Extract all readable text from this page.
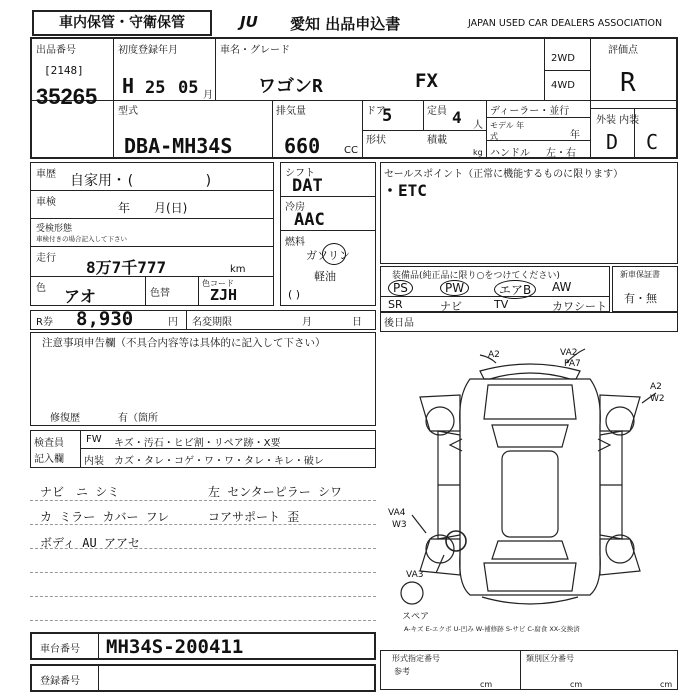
車内保管・守衛保管	JU 愛知 出品申込書	JAPAN USED CAR DEALERS ASSOCIATION
出品番号
[2148]
35265
初度登録年月
H 25 05 月
車名・グレード
ワゴンR	FX
2WD
4WD
評価点
R
型式
DBA-MH34S
排気量
660 CC
ドア
5	定員 4 人
形状	積載
kg
ディーラー・並行
モデル 年式	年
ハンドル 左・右
外装 内装
D C
車歴 自家用・(　　　　　)
車検	年　　月(日)
受検形態
車検付きの場合記入して下さい
走行 8万7千777	km
色 アオ	色替
色コード
ZJH
シフト
DAT
冷房
AAC
燃料
ガソリン
軽油
( )
セールスポイント（正常に機能するものに限ります）
・ETC
装備品(純正品に限り○をつけてください)
PS	PW	エアB	AW
SR	ナビ	TV	カワシート
新車保証書
有・無
R券 8,930	円 名変期限	月	日 後日品
注意事項申告欄（不具合内容等は具体的に記入して下さい）
修復歴	有（箇所
検査員
記入欄
FW キズ・汚石・ヒビ割・リペア跡・X要
内装 カズ・タレ・コゲ・ワ・ワ・タレ・キレ・破レ
ナビ　ニ シミ	左 センターピラー シワ
カ ミラー カバー フレ	コアサポート 歪
ボディ AU アアセ
A2	VA2
PA7
A2
W2
VA4
W3
VA3
スペア
A-キズ E-エクボ U-凹み W-補修跡 S-サビ C-腐食 XX-交換済
車台番号 MH34S-200411
登録番号
形式指定番号	類別区分番号
参考
cm	cm	cm
